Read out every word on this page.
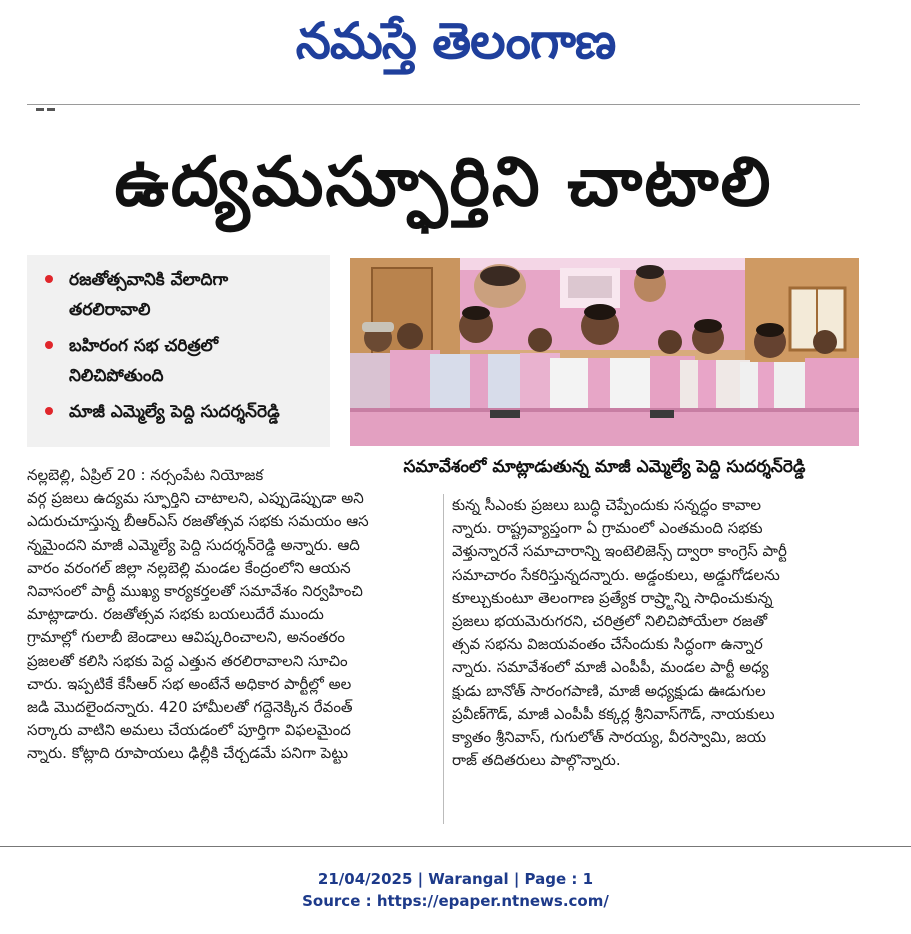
నమస్తే తెలంగాణ
ఉద్యమస్ఫూర్తిని చాటాలి
రజతోత్సవానికి వేలాదిగా
తరలిరావాలి
బహిరంగ సభ చరిత్రలో
నిలిచిపోతుంది
మాజీ ఎమ్మెల్యే పెద్ది సుదర్శన్‌రెడ్డి
సమావేశంలో మాట్లాడుతున్న మాజీ ఎమ్మెల్యే పెద్ది సుదర్శన్‌రెడ్డి
నల్లబెల్లి, ఏప్రిల్ 20 : నర్సంపేట నియోజక
వర్గ ప్రజలు ఉద్యమ స్ఫూర్తిని చాటాలని, ఎప్పుడెప్పుడా అని
ఎదురుచూస్తున్న బీఆర్‌ఎస్ రజతోత్సవ సభకు సమయం ఆస
న్నమైందని మాజీ ఎమ్మెల్యే పెద్ది సుదర్శన్‌రెడ్డి అన్నారు. ఆది
వారం వరంగల్ జిల్లా నల్లబెల్లి మండల కేంద్రంలోని ఆయన
నివాసంలో పార్టీ ముఖ్య కార్యకర్తలతో సమావేశం నిర్వహించి
మాట్లాడారు. రజతోత్సవ సభకు బయలుదేరే ముందు
గ్రామాల్లో గులాబీ జెండాలు ఆవిష్కరించాలని, అనంతరం
ప్రజలతో కలిసి సభకు పెద్ద ఎత్తున తరలిరావాలని సూచిం
చారు. ఇప్పటికే కేసీఆర్ సభ అంటేనే అధికార పార్టీల్లో అల
జడి మొదలైందన్నారు. 420 హామీలతో గద్దెనెక్కిన రేవంత్
సర్కారు వాటిని అమలు చేయడంలో పూర్తిగా విఫలమైంద
న్నారు. కోట్లాది రూపాయలు ఢిల్లీకి చేర్చడమే పనిగా పెట్టు
కున్న సీఎంకు ప్రజలు బుద్ధి చెప్పేందుకు సన్నద్ధం కావాల
న్నారు. రాష్ట్రవ్యాప్తంగా ఏ గ్రామంలో ఎంతమంది సభకు
వెళ్తున్నారనే సమాచారాన్ని ఇంటెలిజెన్స్ ద్వారా కాంగ్రెస్ పార్టీ
సమాచారం సేకరిస్తున్నదన్నారు. అడ్డంకులు, అడ్డుగోడలను
కూల్చుకుంటూ తెలంగాణ ప్రత్యేక రాష్ర్టాన్ని సాధించుకున్న
ప్రజలు భయమెరుగరని, చరిత్రలో నిలిచిపోయేలా రజతో
త్సవ సభను విజయవంతం చేసేందుకు సిద్ధంగా ఉన్నార
న్నారు. సమావేశంలో మాజీ ఎంపీపీ, మండల పార్టీ అధ్య
క్షుడు బానోత్ సారంగపాణి, మాజీ అధ్యక్షుడు ఊడుగుల
ప్రవీణ్‌గౌడ్, మాజీ ఎంపీపీ కక్కర్ల శ్రీనివాస్‌గౌడ్, నాయకులు
క్యాతం శ్రీనివాస్, గుగులోత్ సారయ్య, వీరస్వామి, జయ
రాజ్ తదితరులు పాల్గొన్నారు.
21/04/2025 | Warangal | Page : 1
Source : https://epaper.ntnews.com/
